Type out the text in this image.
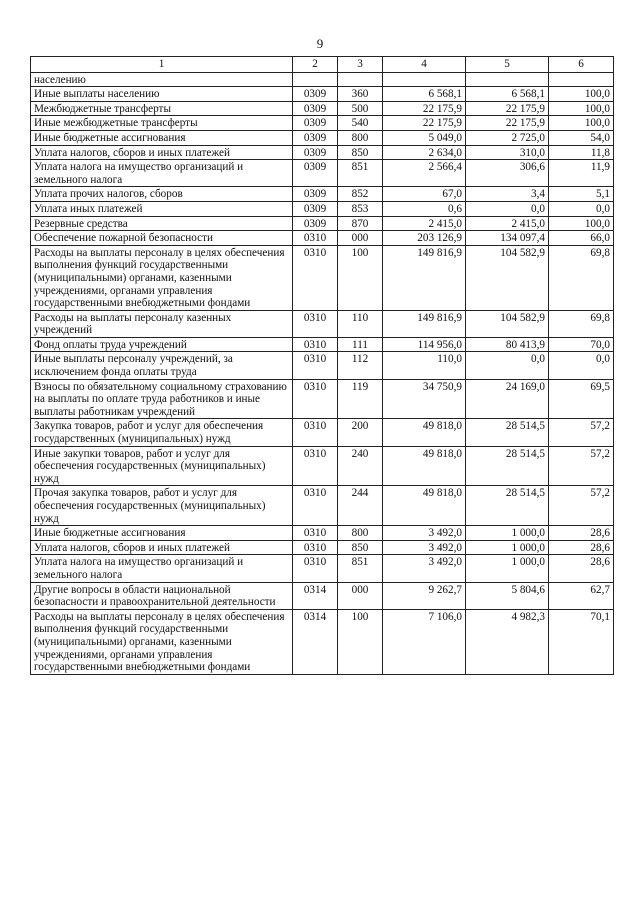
9
1	2	3	4	5	6
населению					
Иные выплаты населению	0309	360	6 568,1	6 568,1	100,0
Межбюджетные трансферты	0309	500	22 175,9	22 175,9	100,0
Иные межбюджетные трансферты	0309	540	22 175,9	22 175,9	100,0
Иные бюджетные ассигнования	0309	800	5 049,0	2 725,0	54,0
Уплата налогов, сборов и иных платежей	0309	850	2 634,0	310,0	11,8
Уплата налога на имущество организаций и земельного налога	0309	851	2 566,4	306,6	11,9
Уплата прочих налогов, сборов	0309	852	67,0	3,4	5,1
Уплата иных платежей	0309	853	0,6	0,0	0,0
Резервные средства	0309	870	2 415,0	2 415,0	100,0
Обеспечение пожарной безопасности	0310	000	203 126,9	134 097,4	66,0
Расходы на выплаты персоналу в целях обеспечения выполнения функций государственными (муниципальными) органами, казенными учреждениями, органами управления государственными внебюджетными фондами	0310	100	149 816,9	104 582,9	69,8
Расходы на выплаты персоналу казенных учреждений	0310	110	149 816,9	104 582,9	69,8
Фонд оплаты труда учреждений	0310	111	114 956,0	80 413,9	70,0
Иные выплаты персоналу учреждений, за исключением фонда оплаты труда	0310	112	110,0	0,0	0,0
Взносы по обязательному социальному страхованию на выплаты по оплате труда работников и иные выплаты работникам учреждений	0310	119	34 750,9	24 169,0	69,5
Закупка товаров, работ и услуг для обеспечения государственных (муниципальных) нужд	0310	200	49 818,0	28 514,5	57,2
Иные закупки товаров, работ и услуг для обеспечения государственных (муниципальных) нужд	0310	240	49 818,0	28 514,5	57,2
Прочая закупка товаров, работ и услуг для обеспечения государственных (муниципальных) нужд	0310	244	49 818,0	28 514,5	57,2
Иные бюджетные ассигнования	0310	800	3 492,0	1 000,0	28,6
Уплата налогов, сборов и иных платежей	0310	850	3 492,0	1 000,0	28,6
Уплата налога на имущество организаций и земельного налога	0310	851	3 492,0	1 000,0	28,6
Другие вопросы в области национальной безопасности и правоохранительной деятельности	0314	000	9 262,7	5 804,6	62,7
Расходы на выплаты персоналу в целях обеспечения выполнения функций государственными (муниципальными) органами, казенными учреждениями, органами управления государственными внебюджетными фондами	0314	100	7 106,0	4 982,3	70,1
